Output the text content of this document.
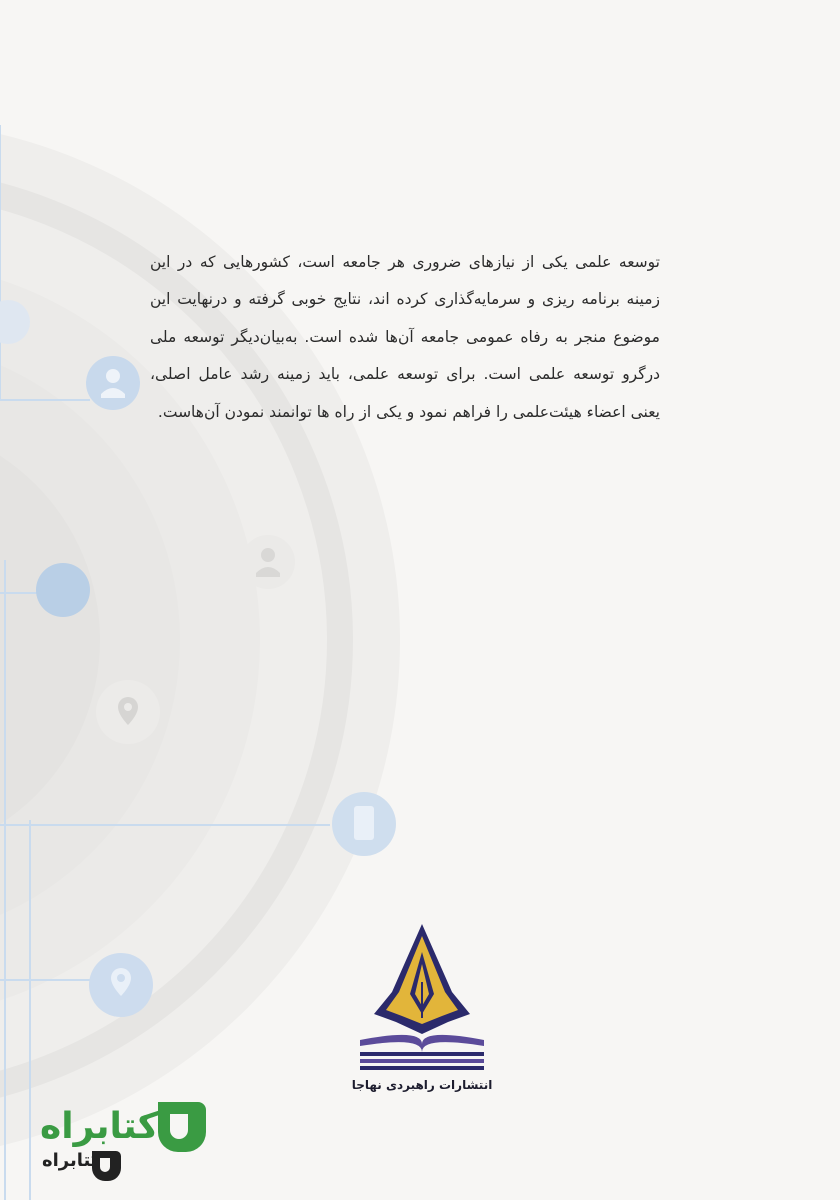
توسعه علمی یکی از نیازهای ضروری هر جامعه است، کشورهایی که در این زمینه برنامه ریزی و سرمایه‌گذاری کرده اند، نتایج خوبی گرفته و درنهایت این موضوع منجر به رفاه عمومی جامعه آن‌ها شده است. به‌بیان‌دیگر توسعه ملی درگرو توسعه علمی است. برای توسعه علمی، باید زمینه رشد عامل اصلی، یعنی اعضاء هیئت‌علمی را فراهم نمود و یکی از راه ها توانمند نمودن آن‌هاست.

انتشارات راهبردی نهاجا
کتابراه
کتابراه
